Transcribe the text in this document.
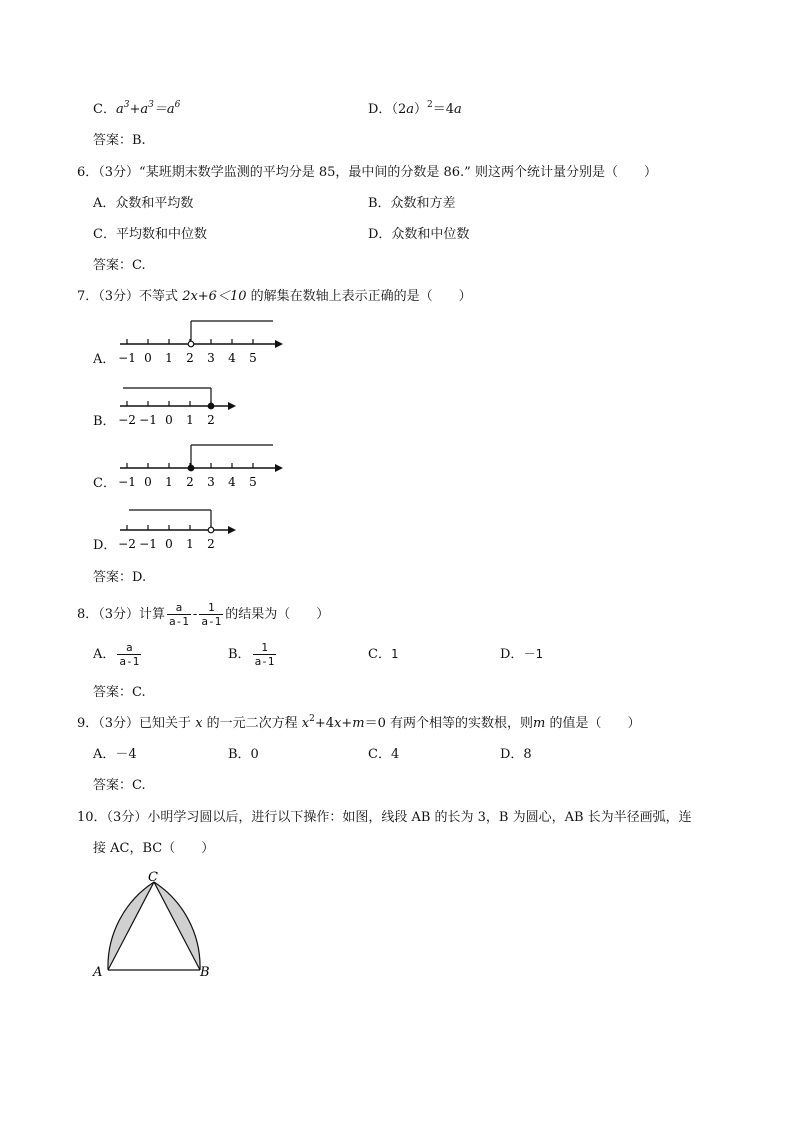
C．$a^3+a^3=a^6$	D．$(2a)^2=4a$
答案：B.
6．（3分）“某班期末数学监测的平均分是 85，最中间的分数是 86.” 则这两个统计量分别是（　　）
A．众数和平均数	B．众数和方差
C．平均数和中位数	D．众数和中位数
答案：C.
7．（3分）不等式 2x+6＜10 的解集在数轴上表示正确的是（　　）
A． −1 0 1 2 3 4 5
B． −2 −1 0 1 2
C． −1 0 1 2 3 4 5
D． −2 −1 0 1 2
答案：D.
8．（3分）计算 $\frac{a}{a-1} - \frac{1}{a-1}$ 的结果为（　　）
A． $\frac{a}{a-1}$	B． $\frac{1}{a-1}$	C．1	D．－1
答案：C.
9．（3分）已知关于 x 的一元二次方程 $x^2+4x+m=0$ 有两个相等的实数根，则m 的值是（　　）
A．－4	B．0	C．4	D．8
答案：C.
10．（3分）小明学习圆以后，进行以下操作：如图，线段 AB 的长为 3，B 为圆心，AB 长为半径画弧，连
接 AC，BC（　　）
C
A	B
